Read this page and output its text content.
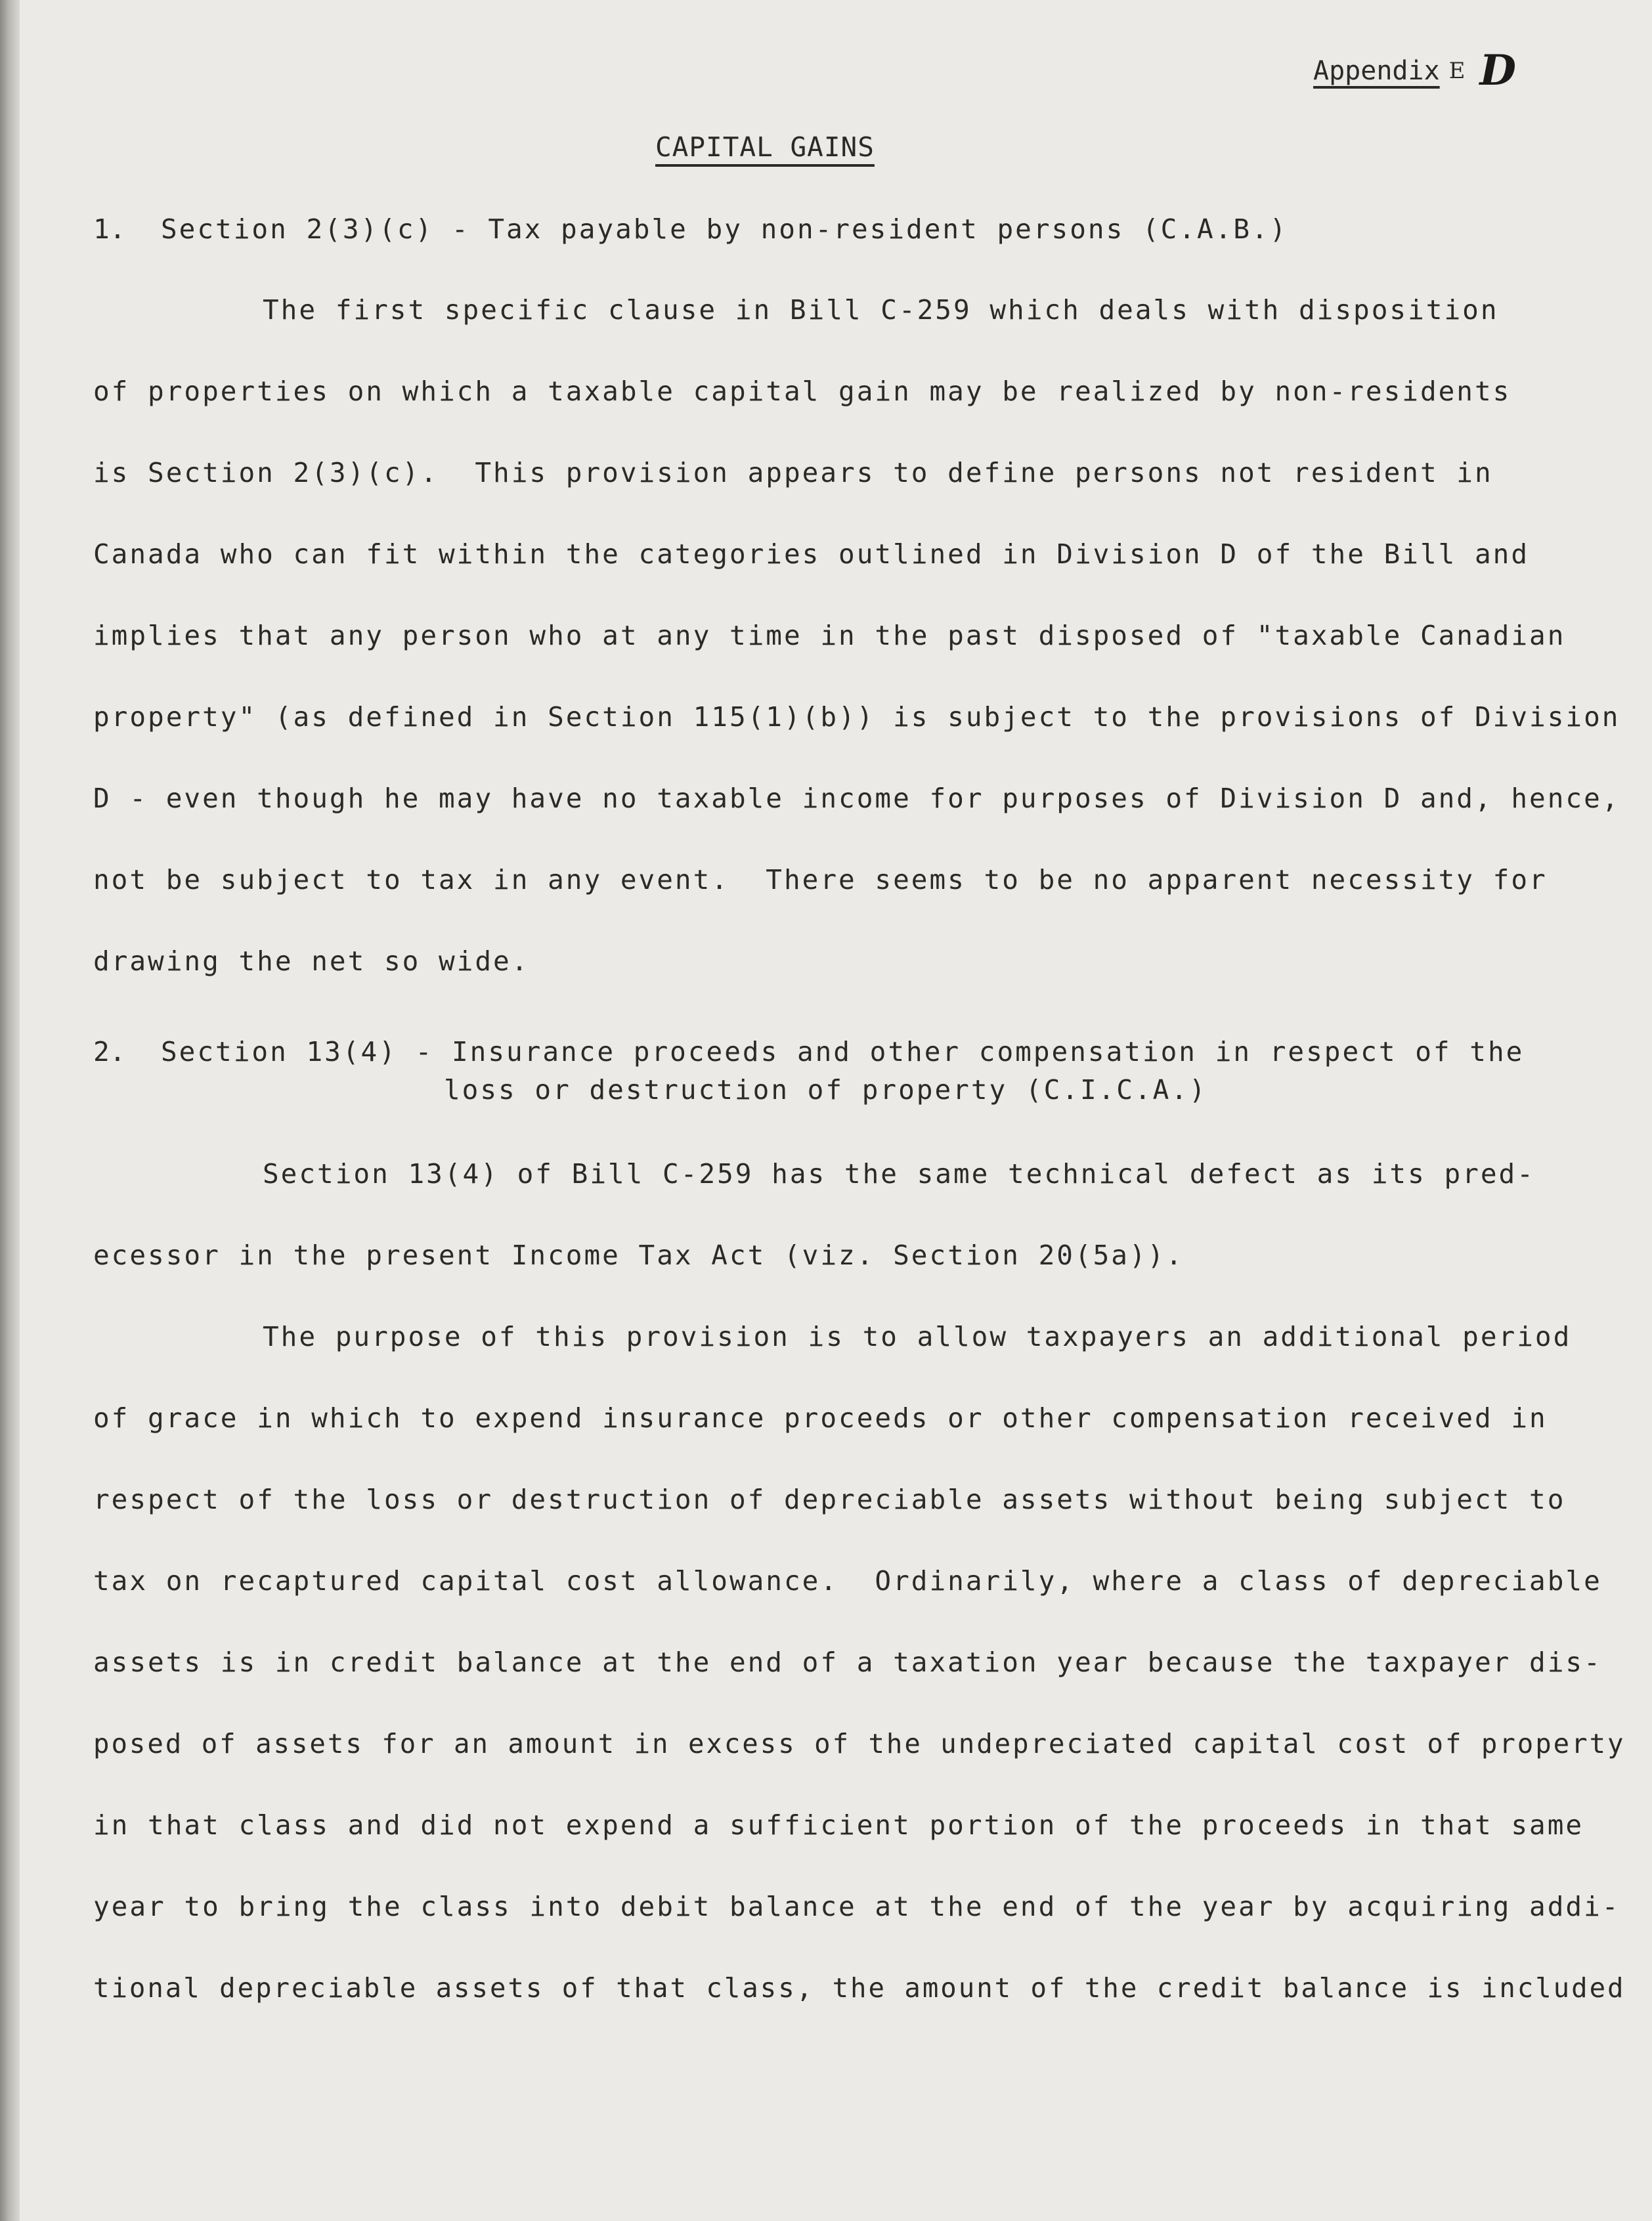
Appendix E D
CAPITAL GAINS
1. Section 2(3)(c) - Tax payable by non-resident persons (C.A.B.)
The first specific clause in Bill C-259 which deals with disposition
of properties on which a taxable capital gain may be realized by non-residents
is Section 2(3)(c).  This provision appears to define persons not resident in
Canada who can fit within the categories outlined in Division D of the Bill and
implies that any person who at any time in the past disposed of "taxable Canadian
property" (as defined in Section 115(1)(b)) is subject to the provisions of Division
D - even though he may have no taxable income for purposes of Division D and, hence,
not be subject to tax in any event.  There seems to be no apparent necessity for
drawing the net so wide.
2. Section 13(4) - Insurance proceeds and other compensation in respect of the
loss or destruction of property (C.I.C.A.)
Section 13(4) of Bill C-259 has the same technical defect as its pred-
ecessor in the present Income Tax Act (viz. Section 20(5a)).
The purpose of this provision is to allow taxpayers an additional period
of grace in which to expend insurance proceeds or other compensation received in
respect of the loss or destruction of depreciable assets without being subject to
tax on recaptured capital cost allowance.  Ordinarily, where a class of depreciable
assets is in credit balance at the end of a taxation year because the taxpayer dis-
posed of assets for an amount in excess of the undepreciated capital cost of property
in that class and did not expend a sufficient portion of the proceeds in that same
year to bring the class into debit balance at the end of the year by acquiring addi-
tional depreciable assets of that class, the amount of the credit balance is included
